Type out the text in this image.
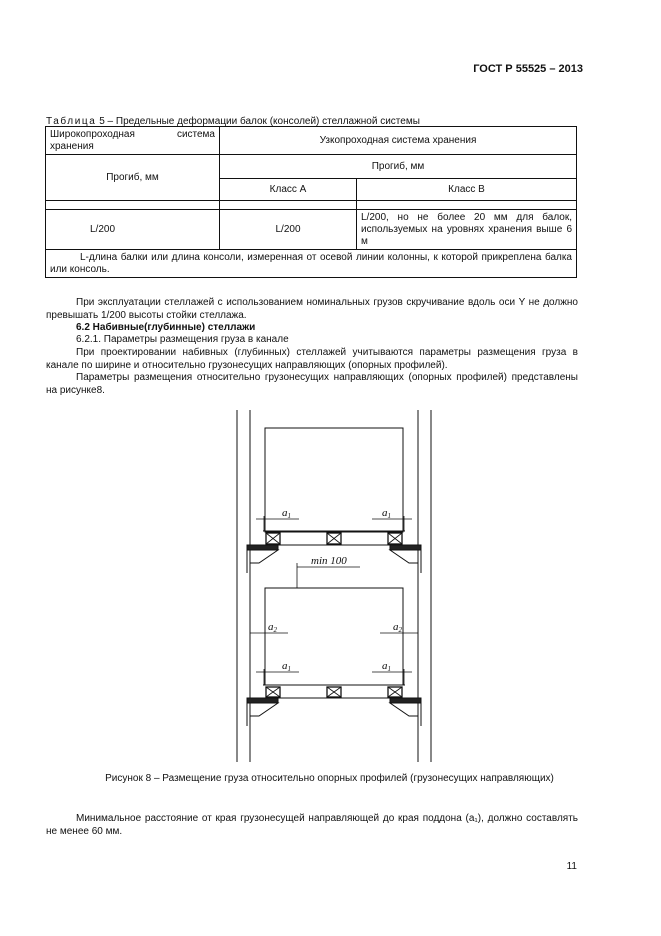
ГОСТ Р 55525 – 2013
Таблица 5 – Предельные деформации балок (консолей) стеллажной системы
Широкопроходная система хранения	Узкопроходная система хранения	
Прогиб, мм	Прогиб, мм	
	Класс А	Класс В

L/200	L/200	L/200, но не более 20 мм для балок, используемых на уровнях хранения выше 6 м
L-длина балки или длина консоли, измеренная от осевой линии колонны, к которой прикреплена балка или консоль.		
При эксплуатации стеллажей с использованием номинальных грузов скручивание вдоль оси Y не должно превышать 1/200 высоты стойки стеллажа.
6.2 Набивные(глубинные) стеллажи
6.2.1. Параметры размещения груза в канале
При проектировании набивных (глубинных) стеллажей учитываются параметры размещения груза в канале по ширине и относительно грузонесущих направляющих (опорных профилей).
Параметры размещения относительно грузонесущих направляющих (опорных профилей) представлены на рисунке8.
a1	a1
min 100
a2	a2
a1	a1
Рисунок 8 – Размещение груза относительно опорных профилей (грузонесущих направляющих)
Минимальное расстояние от края грузонесущей направляющей до края поддона (а₁), должно составлять не менее 60 мм.
11
